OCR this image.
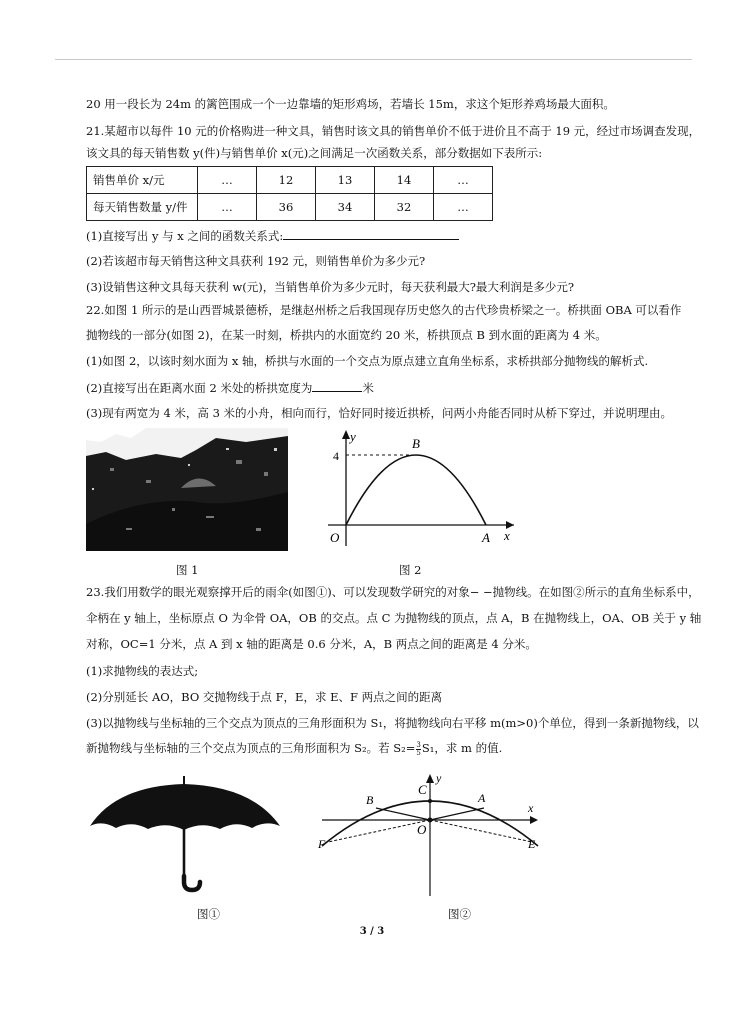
20 用一段长为 24m 的篱笆围成一个一边靠墙的矩形鸡场，若墙长 15m，求这个矩形养鸡场最大面积。
21.某超市以每件 10 元的价格购进一种文具，销售时该文具的销售单价不低于进价且不高于 19 元，经过市场调查发现，
该文具的每天销售数 y(件)与销售单价 x(元)之间满足一次函数关系，部分数据如下表所示:
销售单价 x/元	…	12	13	14	…
每天销售数量 y/件	…	36	34	32	…
(1)直接写出 y 与 x 之间的函数关系式:
(2)若该超市每天销售这种文具获利 192 元，则销售单价为多少元?
(3)设销售这种文具每天获利 w(元)，当销售单价为多少元时，每天获利最大?最大利润是多少元?
22.如图 1 所示的是山西晋城景德桥，是继赵州桥之后我国现存历史悠久的古代珍贵桥梁之一。桥拱面 OBA 可以看作
抛物线的一部分(如图 2)，在某一时刻，桥拱内的水面宽约 20 米，桥拱顶点 B 到水面的距离为 4 米。
(1)如图 2，以该时刻水面为 x 轴，桥拱与水面的一个交点为原点建立直角坐标系，求桥拱部分抛物线的解析式.
(2)直接写出在距离水面 2 米处的桥拱宽度为	米
(3)现有两宽为 4 米，高 3 米的小舟，相向而行，恰好同时接近拱桥，问两小舟能否同时从桥下穿过，并说明理由。
图 1
y
x
O	A
B
4
图 2
23.我们用数学的眼光观察撑开后的雨伞(如图①)、可以发现数学研究的对象− −抛物线。在如图②所示的直角坐标系中，
伞柄在 y 轴上，坐标原点 O 为伞骨 OA，OB 的交点。点 C 为抛物线的顶点，点 A，B 在抛物线上，OA、OB 关于 y 轴
对称，OC=1 分米，点 A 到 x 轴的距离是 0.6 分米，A，B 两点之间的距离是 4 分米。
(1)求抛物线的表达式;
(2)分别延长 AO，BO 交抛物线于点 F，E，求 E、F 两点之间的距离
(3)以抛物线与坐标轴的三个交点为顶点的三角形面积为 S₁，将抛物线向右平移 m(m>0)个单位，得到一条新抛物线，以
新抛物线与坐标轴的三个交点为顶点的三角形面积为 S₂。若 $S_2= \frac{3}{5} S_1$，求 m 的值.
图①
y
x
C
A
B
O
E
F
图②
3 / 3
